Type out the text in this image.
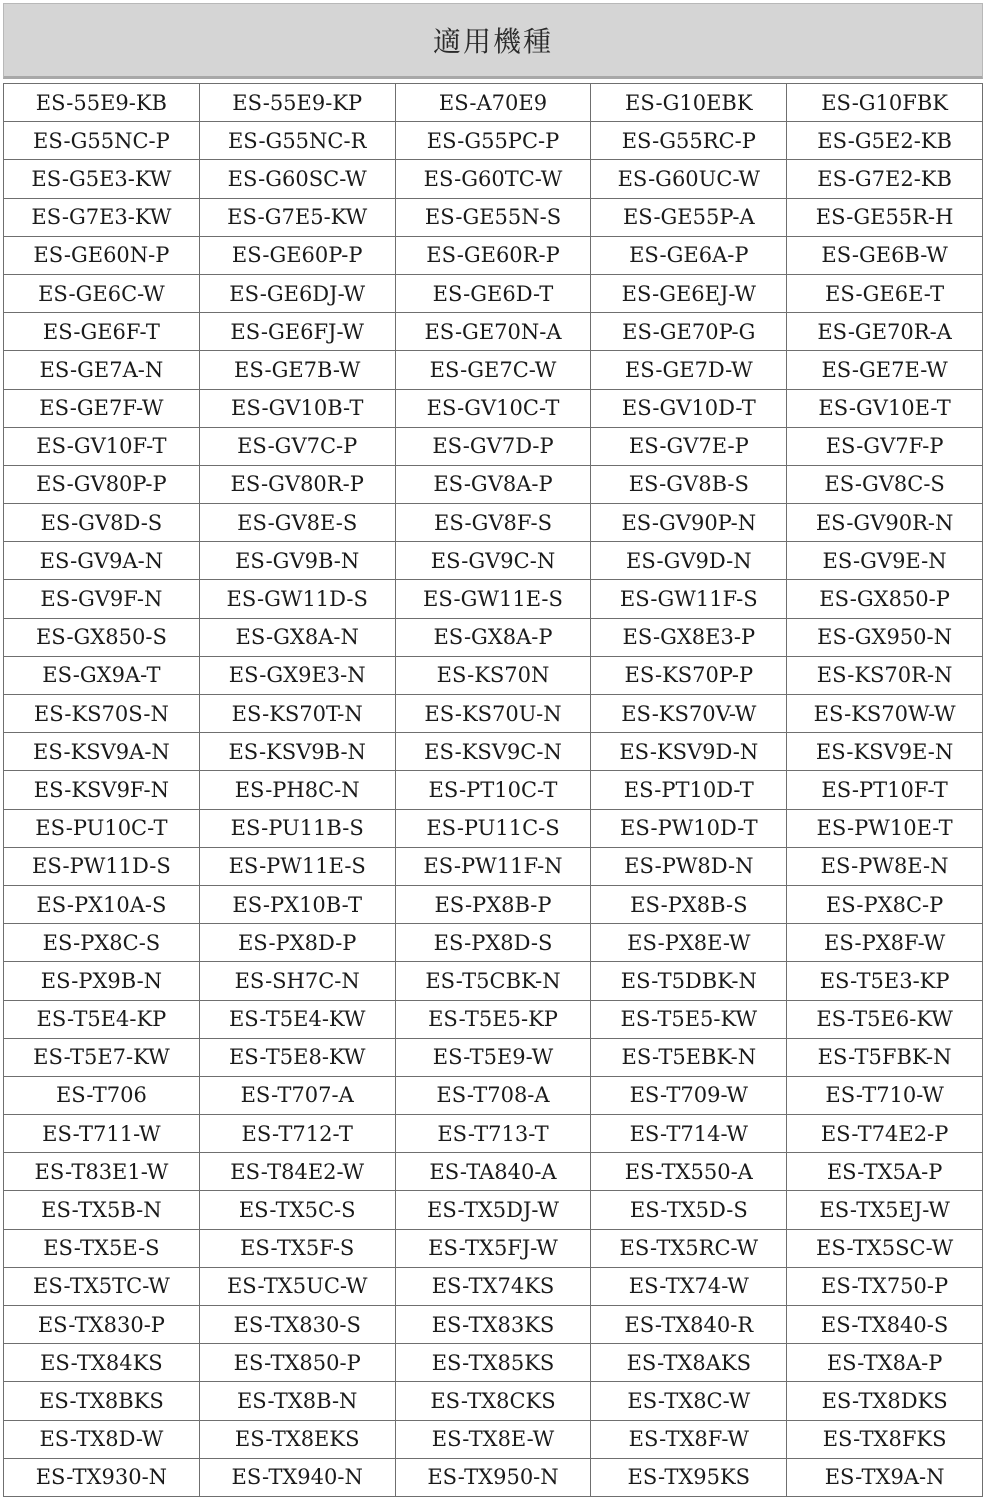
適用機種
ES-55E9-KB	ES-55E9-KP	ES-A70E9	ES-G10EBK	ES-G10FBK
ES-G55NC-P	ES-G55NC-R	ES-G55PC-P	ES-G55RC-P	ES-G5E2-KB
ES-G5E3-KW	ES-G60SC-W	ES-G60TC-W	ES-G60UC-W	ES-G7E2-KB
ES-G7E3-KW	ES-G7E5-KW	ES-GE55N-S	ES-GE55P-A	ES-GE55R-H
ES-GE60N-P	ES-GE60P-P	ES-GE60R-P	ES-GE6A-P	ES-GE6B-W
ES-GE6C-W	ES-GE6DJ-W	ES-GE6D-T	ES-GE6EJ-W	ES-GE6E-T
ES-GE6F-T	ES-GE6FJ-W	ES-GE70N-A	ES-GE70P-G	ES-GE70R-A
ES-GE7A-N	ES-GE7B-W	ES-GE7C-W	ES-GE7D-W	ES-GE7E-W
ES-GE7F-W	ES-GV10B-T	ES-GV10C-T	ES-GV10D-T	ES-GV10E-T
ES-GV10F-T	ES-GV7C-P	ES-GV7D-P	ES-GV7E-P	ES-GV7F-P
ES-GV80P-P	ES-GV80R-P	ES-GV8A-P	ES-GV8B-S	ES-GV8C-S
ES-GV8D-S	ES-GV8E-S	ES-GV8F-S	ES-GV90P-N	ES-GV90R-N
ES-GV9A-N	ES-GV9B-N	ES-GV9C-N	ES-GV9D-N	ES-GV9E-N
ES-GV9F-N	ES-GW11D-S	ES-GW11E-S	ES-GW11F-S	ES-GX850-P
ES-GX850-S	ES-GX8A-N	ES-GX8A-P	ES-GX8E3-P	ES-GX950-N
ES-GX9A-T	ES-GX9E3-N	ES-KS70N	ES-KS70P-P	ES-KS70R-N
ES-KS70S-N	ES-KS70T-N	ES-KS70U-N	ES-KS70V-W	ES-KS70W-W
ES-KSV9A-N	ES-KSV9B-N	ES-KSV9C-N	ES-KSV9D-N	ES-KSV9E-N
ES-KSV9F-N	ES-PH8C-N	ES-PT10C-T	ES-PT10D-T	ES-PT10F-T
ES-PU10C-T	ES-PU11B-S	ES-PU11C-S	ES-PW10D-T	ES-PW10E-T
ES-PW11D-S	ES-PW11E-S	ES-PW11F-N	ES-PW8D-N	ES-PW8E-N
ES-PX10A-S	ES-PX10B-T	ES-PX8B-P	ES-PX8B-S	ES-PX8C-P
ES-PX8C-S	ES-PX8D-P	ES-PX8D-S	ES-PX8E-W	ES-PX8F-W
ES-PX9B-N	ES-SH7C-N	ES-T5CBK-N	ES-T5DBK-N	ES-T5E3-KP
ES-T5E4-KP	ES-T5E4-KW	ES-T5E5-KP	ES-T5E5-KW	ES-T5E6-KW
ES-T5E7-KW	ES-T5E8-KW	ES-T5E9-W	ES-T5EBK-N	ES-T5FBK-N
ES-T706	ES-T707-A	ES-T708-A	ES-T709-W	ES-T710-W
ES-T711-W	ES-T712-T	ES-T713-T	ES-T714-W	ES-T74E2-P
ES-T83E1-W	ES-T84E2-W	ES-TA840-A	ES-TX550-A	ES-TX5A-P
ES-TX5B-N	ES-TX5C-S	ES-TX5DJ-W	ES-TX5D-S	ES-TX5EJ-W
ES-TX5E-S	ES-TX5F-S	ES-TX5FJ-W	ES-TX5RC-W	ES-TX5SC-W
ES-TX5TC-W	ES-TX5UC-W	ES-TX74KS	ES-TX74-W	ES-TX750-P
ES-TX830-P	ES-TX830-S	ES-TX83KS	ES-TX840-R	ES-TX840-S
ES-TX84KS	ES-TX850-P	ES-TX85KS	ES-TX8AKS	ES-TX8A-P
ES-TX8BKS	ES-TX8B-N	ES-TX8CKS	ES-TX8C-W	ES-TX8DKS
ES-TX8D-W	ES-TX8EKS	ES-TX8E-W	ES-TX8F-W	ES-TX8FKS
ES-TX930-N	ES-TX940-N	ES-TX950-N	ES-TX95KS	ES-TX9A-N
